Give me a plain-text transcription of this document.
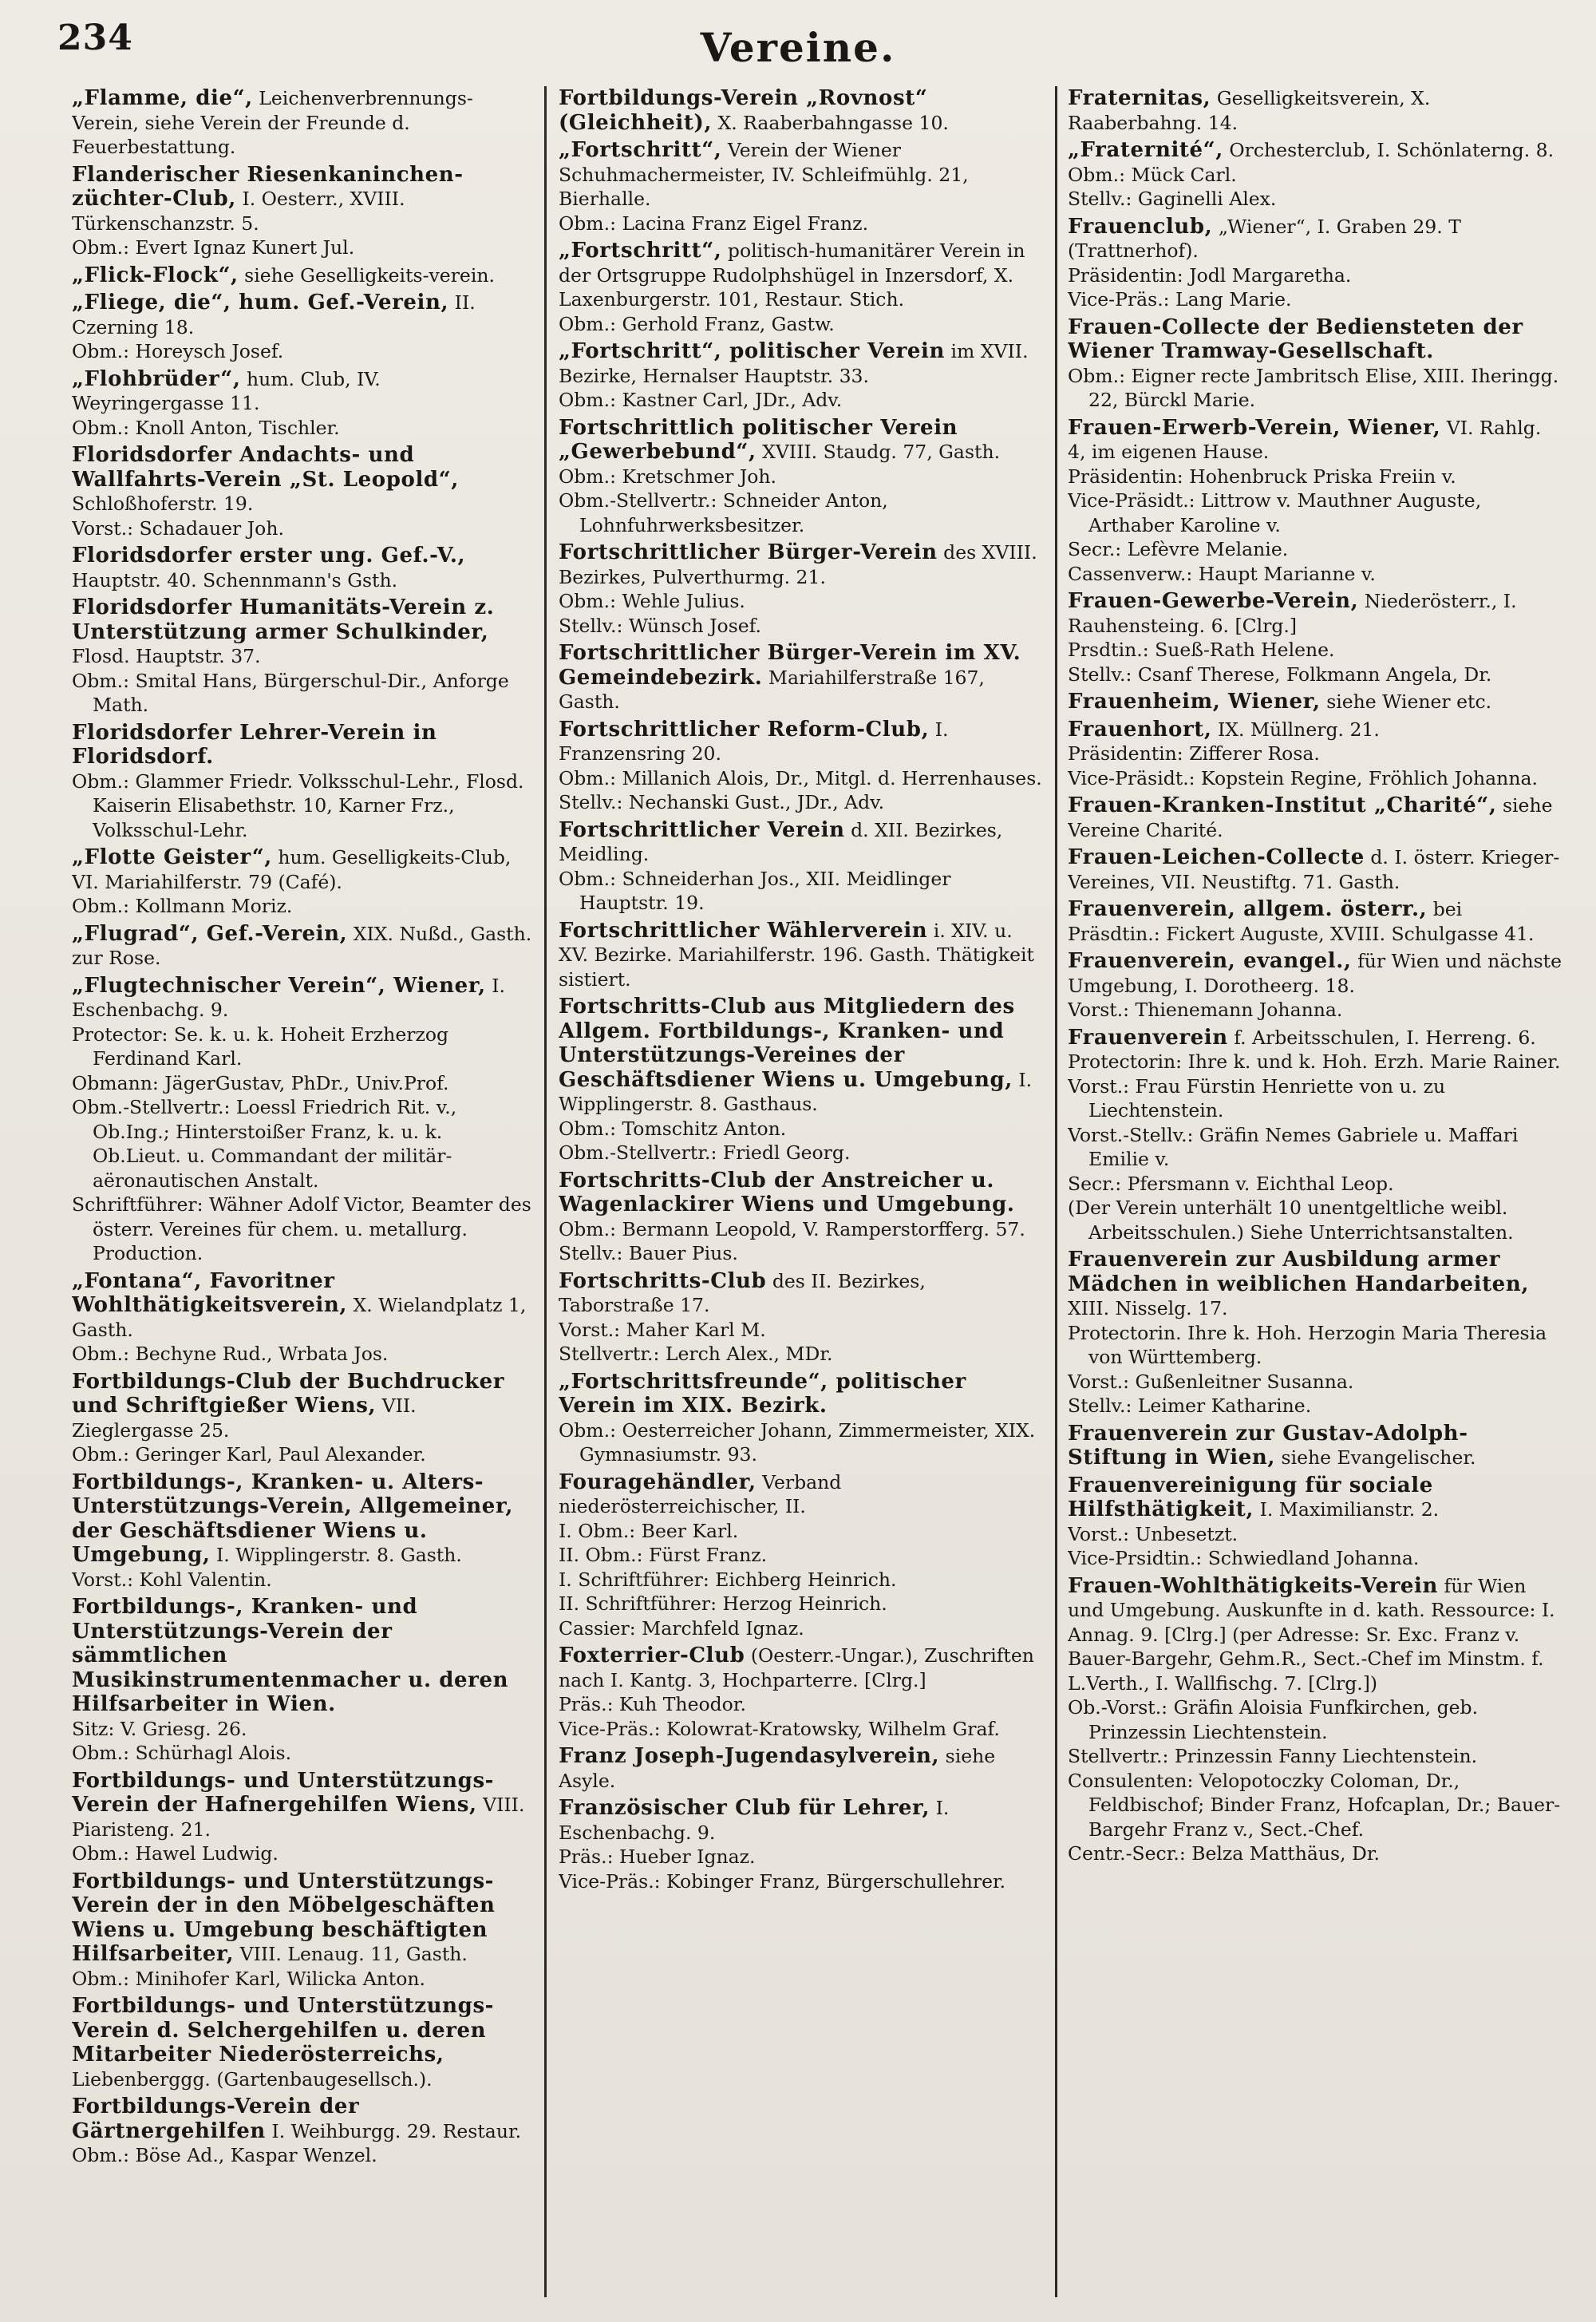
234	Vereine.
„Flamme, die“, Leichenverbrennungs-Verein, siehe Verein der Freunde d. Feuerbestattung.
Flanderischer Riesenkaninchen-züchter-Club, I. Oesterr., XVIII. Türkenschanzstr. 5.
Obm.: Evert Ignaz Kunert Jul.
„Flick-Flock“, siehe Geselligkeits-verein.
„Fliege, die“, hum. Gef.-Verein, II. Czerning 18.
Obm.: Horeysch Josef.
„Flohbrüder“, hum. Club, IV. Weyringergasse 11.
Obm.: Knoll Anton, Tischler.
Floridsdorfer Andachts- und Wallfahrts-Verein „St. Leopold“, Schloßhoferstr. 19.
Vorst.: Schadauer Joh.
Floridsdorfer erster ung. Gef.-V., Hauptstr. 40. Schennmann's Gsth.
Floridsdorfer Humanitäts-Verein z. Unterstützung armer Schulkinder, Flosd. Hauptstr. 37.
Obm.: Smital Hans, Bürgerschul-Dir., Anforge Math.
Floridsdorfer Lehrer-Verein in Floridsdorf.
Obm.: Glammer Friedr. Volksschul-Lehr., Flosd. Kaiserin Elisabethstr. 10, Karner Frz., Volksschul-Lehr.
„Flotte Geister“, hum. Geselligkeits-Club, VI. Mariahilferstr. 79 (Café).
Obm.: Kollmann Moriz.
„Flugrad“, Gef.-Verein, XIX. Nußd., Gasth. zur Rose.
„Flugtechnischer Verein“, Wiener, I. Eschenbachg. 9.
Protector: Se. k. u. k. Hoheit Erzherzog Ferdinand Karl.
Obmann: JägerGustav, PhDr., Univ.Prof.
Obm.-Stellvertr.: Loessl Friedrich Rit. v., Ob.Ing.; Hinterstoißer Franz, k. u. k. Ob.Lieut. u. Commandant der militär-aëronautischen Anstalt.
Schriftführer: Wähner Adolf Victor, Beamter des österr. Vereines für chem. u. metallurg. Production.
„Fontana“, Favoritner Wohlthätigkeitsverein, X. Wielandplatz 1, Gasth.
Obm.: Bechyne Rud., Wrbata Jos.
Fortbildungs-Club der Buchdrucker und Schriftgießer Wiens, VII. Zieglergasse 25.
Obm.: Geringer Karl, Paul Alexander.
Fortbildungs-, Kranken- u. Alters-Unterstützungs-Verein, Allgemeiner, der Geschäftsdiener Wiens u. Umgebung, I. Wipplingerstr. 8. Gasth.
Vorst.: Kohl Valentin.
Fortbildungs-, Kranken- und Unterstützungs-Verein der sämmtlichen Musikinstrumentenmacher u. deren Hilfsarbeiter in Wien.
Sitz: V. Griesg. 26.
Obm.: Schürhagl Alois.
Fortbildungs- und Unterstützungs-Verein der Hafnergehilfen Wiens, VIII. Piaristeng. 21.
Obm.: Hawel Ludwig.
Fortbildungs- und Unterstützungs-Verein der in den Möbelgeschäften Wiens u. Umgebung beschäftigten Hilfsarbeiter, VIII. Lenaug. 11, Gasth.
Obm.: Minihofer Karl, Wilicka Anton.
Fortbildungs- und Unterstützungs-Verein d. Selchergehilfen u. deren Mitarbeiter Niederösterreichs, Liebenberggg. (Gartenbaugesellsch.).
Fortbildungs-Verein der Gärtnergehilfen I. Weihburgg. 29. Restaur.
Obm.: Böse Ad., Kaspar Wenzel.
Fortbildungs-Verein „Rovnost“ (Gleichheit), X. Raaberbahngasse 10.
„Fortschritt“, Verein der Wiener Schuhmachermeister, IV. Schleifmühlg. 21, Bierhalle.
Obm.: Lacina Franz Eigel Franz.
„Fortschritt“, politisch-humanitärer Verein in der Ortsgruppe Rudolphshügel in Inzersdorf, X. Laxenburgerstr. 101, Restaur. Stich.
Obm.: Gerhold Franz, Gastw.
„Fortschritt“, politischer Verein im XVII. Bezirke, Hernalser Hauptstr. 33.
Obm.: Kastner Carl, JDr., Adv.
Fortschrittlich politischer Verein „Gewerbebund“, XVIII. Staudg. 77, Gasth.
Obm.: Kretschmer Joh.
Obm.-Stellvertr.: Schneider Anton, Lohnfuhrwerksbesitzer.
Fortschrittlicher Bürger-Verein des XVIII. Bezirkes, Pulverthurmg. 21.
Obm.: Wehle Julius.
Stellv.: Wünsch Josef.
Fortschrittlicher Bürger-Verein im XV. Gemeindebezirk. Mariahilferstraße 167, Gasth.
Fortschrittlicher Reform-Club, I. Franzensring 20.
Obm.: Millanich Alois, Dr., Mitgl. d. Herrenhauses.
Stellv.: Nechanski Gust., JDr., Adv.
Fortschrittlicher Verein d. XII. Bezirkes, Meidling.
Obm.: Schneiderhan Jos., XII. Meidlinger Hauptstr. 19.
Fortschrittlicher Wählerverein i. XIV. u. XV. Bezirke. Mariahilferstr. 196. Gasth. Thätigkeit sistiert.
Fortschritts-Club aus Mitgliedern des Allgem. Fortbildungs-, Kranken- und Unterstützungs-Vereines der Geschäftsdiener Wiens u. Umgebung, I. Wipplingerstr. 8. Gasthaus.
Obm.: Tomschitz Anton.
Obm.-Stellvertr.: Friedl Georg.
Fortschritts-Club der Anstreicher u. Wagenlackirer Wiens und Umgebung.
Obm.: Bermann Leopold, V. Ramperstorfferg. 57.
Stellv.: Bauer Pius.
Fortschritts-Club des II. Bezirkes, Taborstraße 17.
Vorst.: Maher Karl M.
Stellvertr.: Lerch Alex., MDr.
„Fortschrittsfreunde“, politischer Verein im XIX. Bezirk.
Obm.: Oesterreicher Johann, Zimmermeister, XIX. Gymnasiumstr. 93.
Fouragehändler, Verband niederösterreichischer, II.
I. Obm.: Beer Karl.
II. Obm.: Fürst Franz.
I. Schriftführer: Eichberg Heinrich.
II. Schriftführer: Herzog Heinrich.
Cassier: Marchfeld Ignaz.
Foxterrier-Club (Oesterr.-Ungar.), Zuschriften nach I. Kantg. 3, Hochparterre. [Clrg.]
Präs.: Kuh Theodor.
Vice-Präs.: Kolowrat-Kratowsky, Wilhelm Graf.
Franz Joseph-Jugendasylverein, siehe Asyle.
Französischer Club für Lehrer, I. Eschenbachg. 9.
Präs.: Hueber Ignaz.
Vice-Präs.: Kobinger Franz, Bürgerschullehrer.
Fraternitas, Geselligkeitsverein, X. Raaberbahng. 14.
„Fraternité“, Orchesterclub, I. Schönlaterng. 8.
Obm.: Mück Carl.
Stellv.: Gaginelli Alex.
Frauenclub, „Wiener“, I. Graben 29. T (Trattnerhof).
Präsidentin: Jodl Margaretha.
Vice-Präs.: Lang Marie.
Frauen-Collecte der Bediensteten der Wiener Tramway-Gesellschaft.
Obm.: Eigner recte Jambritsch Elise, XIII. Iheringg. 22, Bürckl Marie.
Frauen-Erwerb-Verein, Wiener, VI. Rahlg. 4, im eigenen Hause.
Präsidentin: Hohenbruck Priska Freiin v.
Vice-Präsidt.: Littrow v. Mauthner Auguste, Arthaber Karoline v.
Secr.: Lefèvre Melanie.
Cassenverw.: Haupt Marianne v.
Frauen-Gewerbe-Verein, Niederösterr., I. Rauhensteing. 6. [Clrg.]
Prsdtin.: Sueß-Rath Helene.
Stellv.: Csanf Therese, Folkmann Angela, Dr.
Frauenheim, Wiener, siehe Wiener etc.
Frauenhort, IX. Müllnerg. 21.
Präsidentin: Zifferer Rosa.
Vice-Präsidt.: Kopstein Regine, Fröhlich Johanna.
Frauen-Kranken-Institut „Charité“, siehe Vereine Charité.
Frauen-Leichen-Collecte d. I. österr. Krieger-Vereines, VII. Neustiftg. 71. Gasth.
Frauenverein, allgem. österr., bei
Präsdtin.: Fickert Auguste, XVIII. Schulgasse 41.
Frauenverein, evangel., für Wien und nächste Umgebung, I. Dorotheerg. 18.
Vorst.: Thienemann Johanna.
Frauenverein f. Arbeitsschulen, I. Herreng. 6.
Protectorin: Ihre k. und k. Hoh. Erzh. Marie Rainer.
Vorst.: Frau Fürstin Henriette von u. zu Liechtenstein.
Vorst.-Stellv.: Gräfin Nemes Gabriele u. Maffari Emilie v.
Secr.: Pfersmann v. Eichthal Leop.
(Der Verein unterhält 10 unentgeltliche weibl. Arbeitsschulen.) Siehe Unterrichtsanstalten.
Frauenverein zur Ausbildung armer Mädchen in weiblichen Handarbeiten, XIII. Nisselg. 17.
Protectorin. Ihre k. Hoh. Herzogin Maria Theresia von Württemberg.
Vorst.: Gußenleitner Susanna.
Stellv.: Leimer Katharine.
Frauenverein zur Gustav-Adolph-Stiftung in Wien, siehe Evangelischer.
Frauenvereinigung für sociale Hilfsthätigkeit, I. Maximilianstr. 2.
Vorst.: Unbesetzt.
Vice-Prsidtin.: Schwiedland Johanna.
Frauen-Wohlthätigkeits-Verein für Wien und Umgebung. Auskunfte in d. kath. Ressource: I. Annag. 9. [Clrg.] (per Adresse: Sr. Exc. Franz v. Bauer-Bargehr, Gehm.R., Sect.-Chef im Minstm. f. L.Verth., I. Wallfischg. 7. [Clrg.])
Ob.-Vorst.: Gräfin Aloisia Funfkirchen, geb. Prinzessin Liechtenstein.
Stellvertr.: Prinzessin Fanny Liechtenstein.
Consulenten: Velopotoczky Coloman, Dr., Feldbischof; Binder Franz, Hofcaplan, Dr.; Bauer-Bargehr Franz v., Sect.-Chef.
Centr.-Secr.: Belza Matthäus, Dr.
